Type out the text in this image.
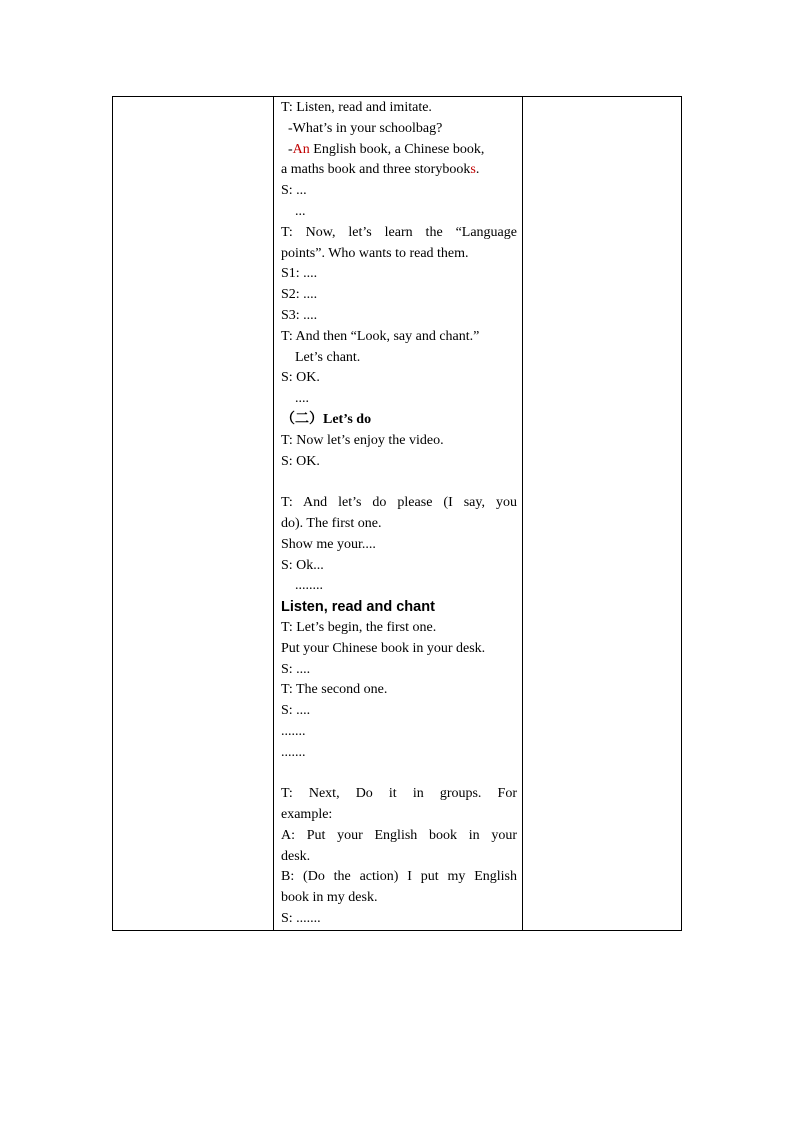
T: Listen, read and imitate.
-What’s in your schoolbag?
-An English book, a Chinese book,
a maths book and three storybooks.
S: ...
...
T: Now, let’s learn the “Language
points”. Who wants to read them.
S1: ....
S2: ....
S3: ....
T: And then “Look, say and chant.”
Let’s chant.
S: OK.
....
（二）Let’s do
T: Now let’s enjoy the video.
S: OK.
T: And let’s do please (I say, you
do). The first one.
Show me your....
S: Ok...
........
Listen, read and chant
T: Let’s begin, the first one.
Put your Chinese book in your desk.
S: ....
T: The second one.
S: ....
.......
.......
T: Next, Do it in groups. For
example:
A: Put your English book in your
desk.
B: (Do the action) I put my English
book in my desk.
S: .......
